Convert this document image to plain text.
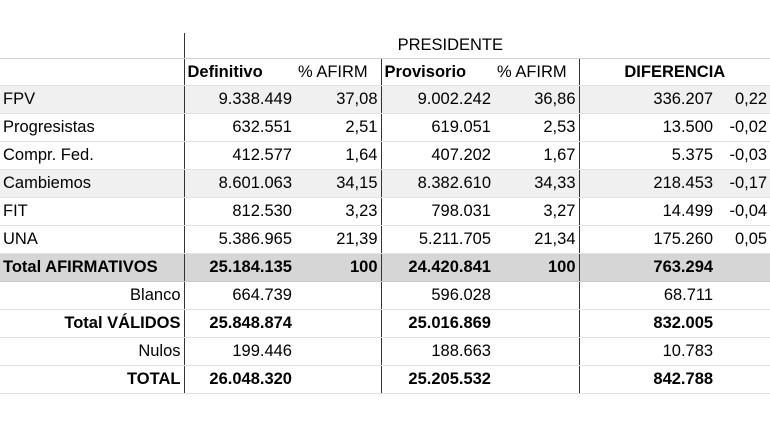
	PRESIDENTE					
	Definitivo	% AFIRM	Provisorio	% AFIRM	DIFERENCIA	
FPV	9.338.449	37,08	9.002.242	36,86	336.207	0,22
Progresistas	632.551	2,51	619.051	2,53	13.500	-0,02
Compr. Fed.	412.577	1,64	407.202	1,67	5.375	-0,03
Cambiemos	8.601.063	34,15	8.382.610	34,33	218.453	-0,17
FIT	812.530	3,23	798.031	3,27	14.499	-0,04
UNA	5.386.965	21,39	5.211.705	21,34	175.260	0,05
Total AFIRMATIVOS	25.184.135	100	24.420.841	100	763.294	
Blanco	664.739		596.028		68.711	
Total VÁLIDOS	25.848.874		25.016.869		832.005	
Nulos	199.446		188.663		10.783	
TOTAL	26.048.320		25.205.532		842.788	
